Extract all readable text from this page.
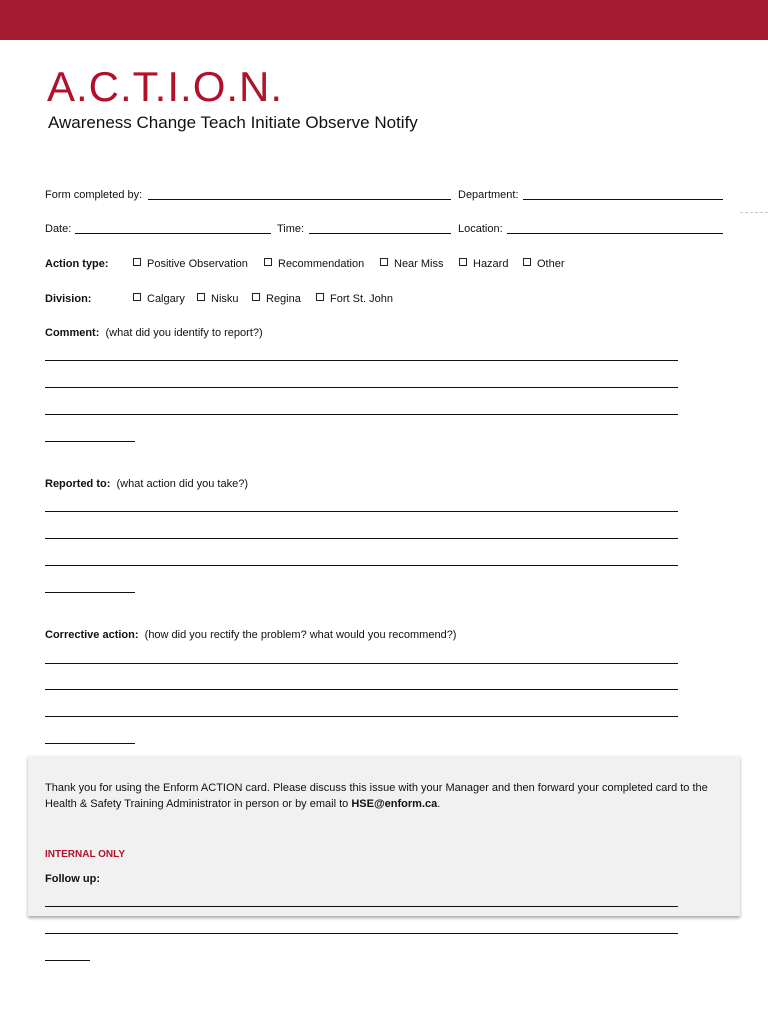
A.C.T.I.O.N.
Awareness Change Teach Initiate Observe Notify
Form completed by:	Department:
Date:	Time:	Location:
Action type:	Positive Observation	Recommendation	Near Miss	Hazard	Other
Division:	Calgary	Nisku	Regina	Fort St. John
Comment: (what did you identify to report?)
Reported to: (what action did you take?)
Corrective action: (how did you rectify the problem? what would you recommend?)
Thank you for using the Enform ACTION card. Please discuss this issue with your Manager and then forward your completed card to the Health & Safety Training Administrator in person or by email to HSE@enform.ca.
INTERNAL ONLY
Follow up:
